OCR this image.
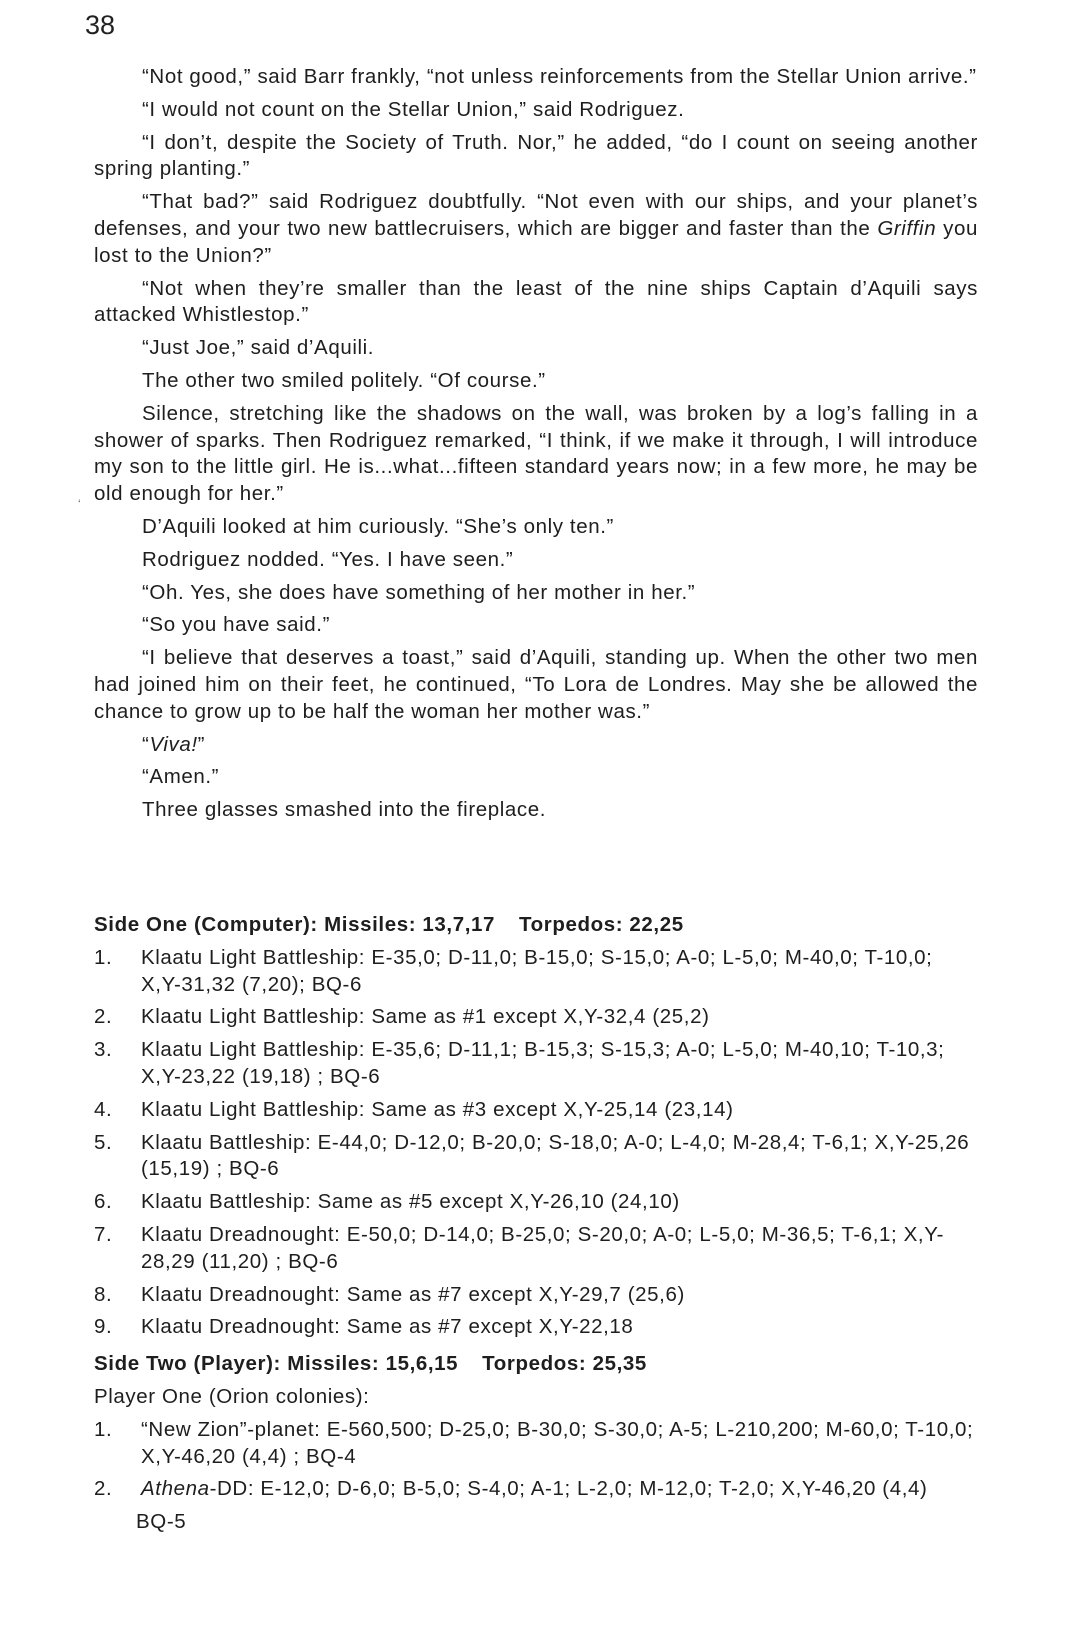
38
‘

“Not good,” said Barr frankly, “not unless reinforcements from the Stellar Union arrive.”

“I would not count on the Stellar Union,” said Rodriguez.

“I don’t, despite the Society of Truth. Nor,” he added, “do I count on seeing another spring planting.”

“That bad?” said Rodriguez doubtfully. “Not even with our ships, and your planet’s defenses, and your two new battlecruisers, which are bigger and faster than the Griffin you lost to the Union?”

“Not when they’re smaller than the least of the nine ships Captain d’Aquili says attacked Whistlestop.”

“Just Joe,” said d’Aquili.

The other two smiled politely. “Of course.”

Silence, stretching like the shadows on the wall, was broken by a log’s falling in a shower of sparks. Then Rodriguez remarked, “I think, if we make it through, I will introduce my son to the little girl. He is...what...fifteen standard years now; in a few more, he may be old enough for her.”

D’Aquili looked at him curiously. “She’s only ten.”

Rodriguez nodded. “Yes. I have seen.”

“Oh. Yes, she does have something of her mother in her.”

“So you have said.”

“I believe that deserves a toast,” said d’Aquili, standing up. When the other two men had joined him on their feet, he continued, “To Lora de Londres. May she be allowed the chance to grow up to be half the woman her mother was.”

“Viva!”

“Amen.”

Three glasses smashed into the fireplace.

Side One (Computer): Missiles: 13,7,17 Torpedos: 22,25
1.	Klaatu Light Battleship: E-35,0; D-11,0; B-15,0; S-15,0; A-0; L-5,0; M-40,0; T-10,0; X,Y-31,32 (7,20); BQ-6
2.	Klaatu Light Battleship: Same as #1 except X,Y-32,4 (25,2)
3.	Klaatu Light Battleship: E-35,6; D-11,1; B-15,3; S-15,3; A-0; L-5,0; M-40,10; T-10,3; X,Y-23,22 (19,18) ; BQ-6
4.	Klaatu Light Battleship: Same as #3 except X,Y-25,14 (23,14)
5.	Klaatu Battleship: E-44,0; D-12,0; B-20,0; S-18,0; A-0; L-4,0; M-28,4; T-6,1; X,Y-25,26 (15,19) ; BQ-6
6.	Klaatu Battleship: Same as #5 except X,Y-26,10 (24,10)
7.	Klaatu Dreadnought: E-50,0; D-14,0; B-25,0; S-20,0; A-0; L-5,0; M-36,5; T-6,1; X,Y-28,29 (11,20) ; BQ-6
8.	Klaatu Dreadnought: Same as #7 except X,Y-29,7 (25,6)
9.	Klaatu Dreadnought: Same as #7 except X,Y-22,18
Side Two (Player): Missiles: 15,6,15 Torpedos: 25,35
Player One (Orion colonies):
1.	“New Zion”-planet: E-560,500; D-25,0; B-30,0; S-30,0; A-5; L-210,200; M-60,0; T-10,0; X,Y-46,20 (4,4) ; BQ-4
2.	Athena-DD: E-12,0; D-6,0; B-5,0; S-4,0; A-1; L-2,0; M-12,0; T-2,0; X,Y-46,20 (4,4)
BQ-5
